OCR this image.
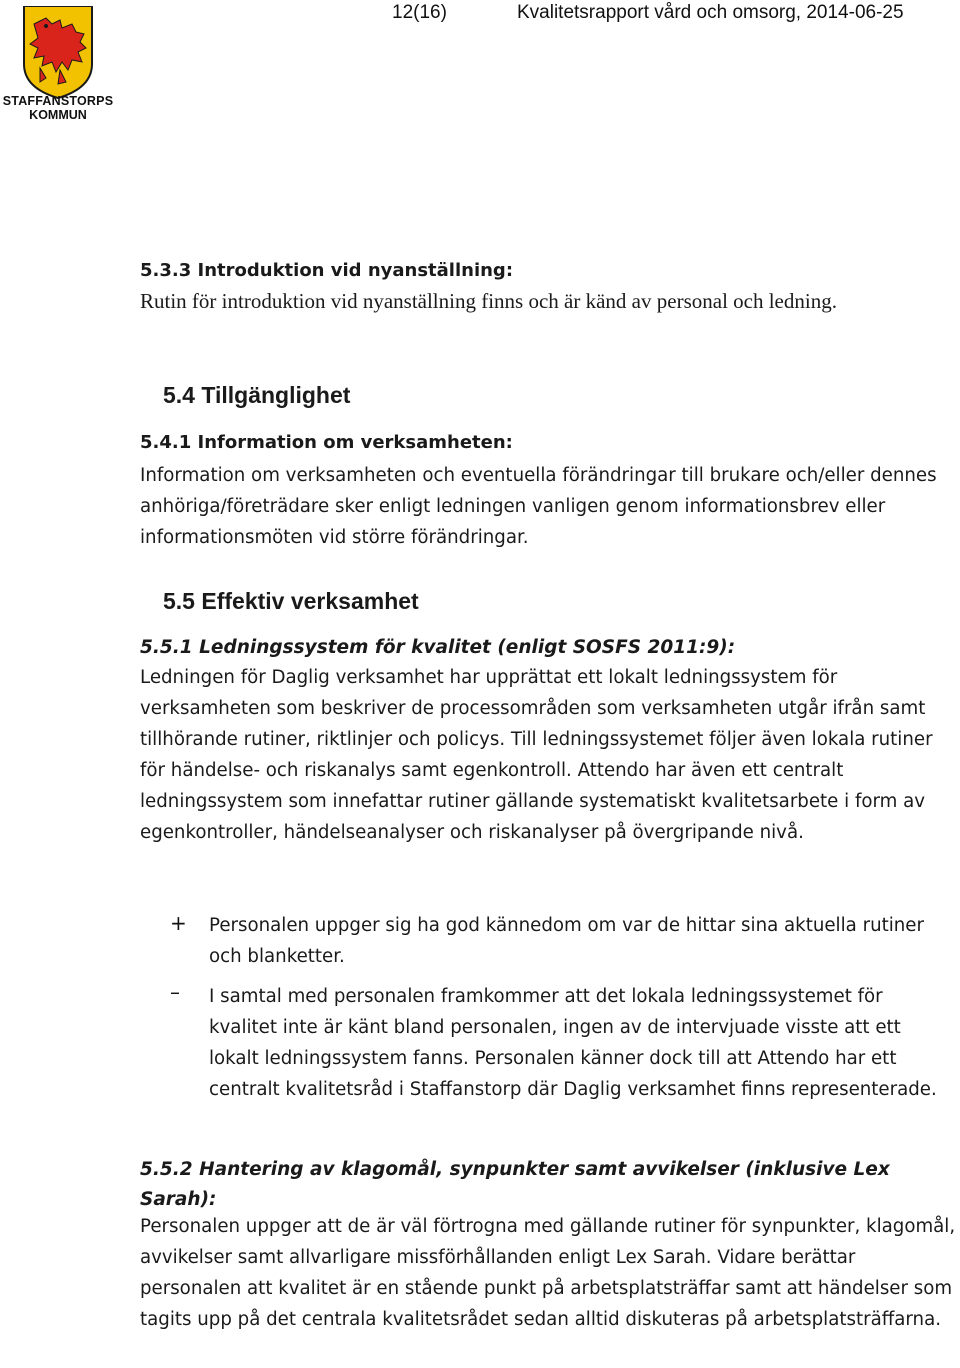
12(16)	Kvalitetsrapport vård och omsorg, 2014-06-25
STAFFANSTORPS
KOMMUN
5.3.3 Introduktion vid nyanställning:
Rutin för introduktion vid nyanställning finns och är känd av personal och ledning.
5.4 Tillgänglighet
5.4.1 Information om verksamheten:
Information om verksamheten och eventuella förändringar till brukare och/eller dennes anhöriga/företrädare sker enligt ledningen vanligen genom informationsbrev eller informationsmöten vid större förändringar.
5.5 Effektiv verksamhet
5.5.1 Ledningssystem för kvalitet (enligt SOSFS 2011:9):
Ledningen för Daglig verksamhet har upprättat ett lokalt ledningssystem för verksamheten som beskriver de processområden som verksamheten utgår ifrån samt tillhörande rutiner, riktlinjer och policys. Till ledningssystemet följer även lokala rutiner för händelse- och riskanalys samt egenkontroll. Attendo har även ett centralt ledningssystem som innefattar rutiner gällande systematiskt kvalitetsarbete i form av egenkontroller, händelseanalyser och riskanalyser på övergripande nivå.
+ Personalen uppger sig ha god kännedom om var de hittar sina aktuella rutiner och blanketter.
– I samtal med personalen framkommer att det lokala ledningssystemet för kvalitet inte är känt bland personalen, ingen av de intervjuade visste att ett lokalt ledningssystem fanns. Personalen känner dock till att Attendo har ett centralt kvalitetsråd i Staffanstorp där Daglig verksamhet finns representerade.
5.5.2 Hantering av klagomål, synpunkter samt avvikelser (inklusive Lex Sarah):
Personalen uppger att de är väl förtrogna med gällande rutiner för synpunkter, klagomål, avvikelser samt allvarligare missförhållanden enligt Lex Sarah. Vidare berättar personalen att kvalitet är en stående punkt på arbetsplatsträffar samt att händelser som tagits upp på det centrala kvalitetsrådet sedan alltid diskuteras på arbetsplatsträffarna.
